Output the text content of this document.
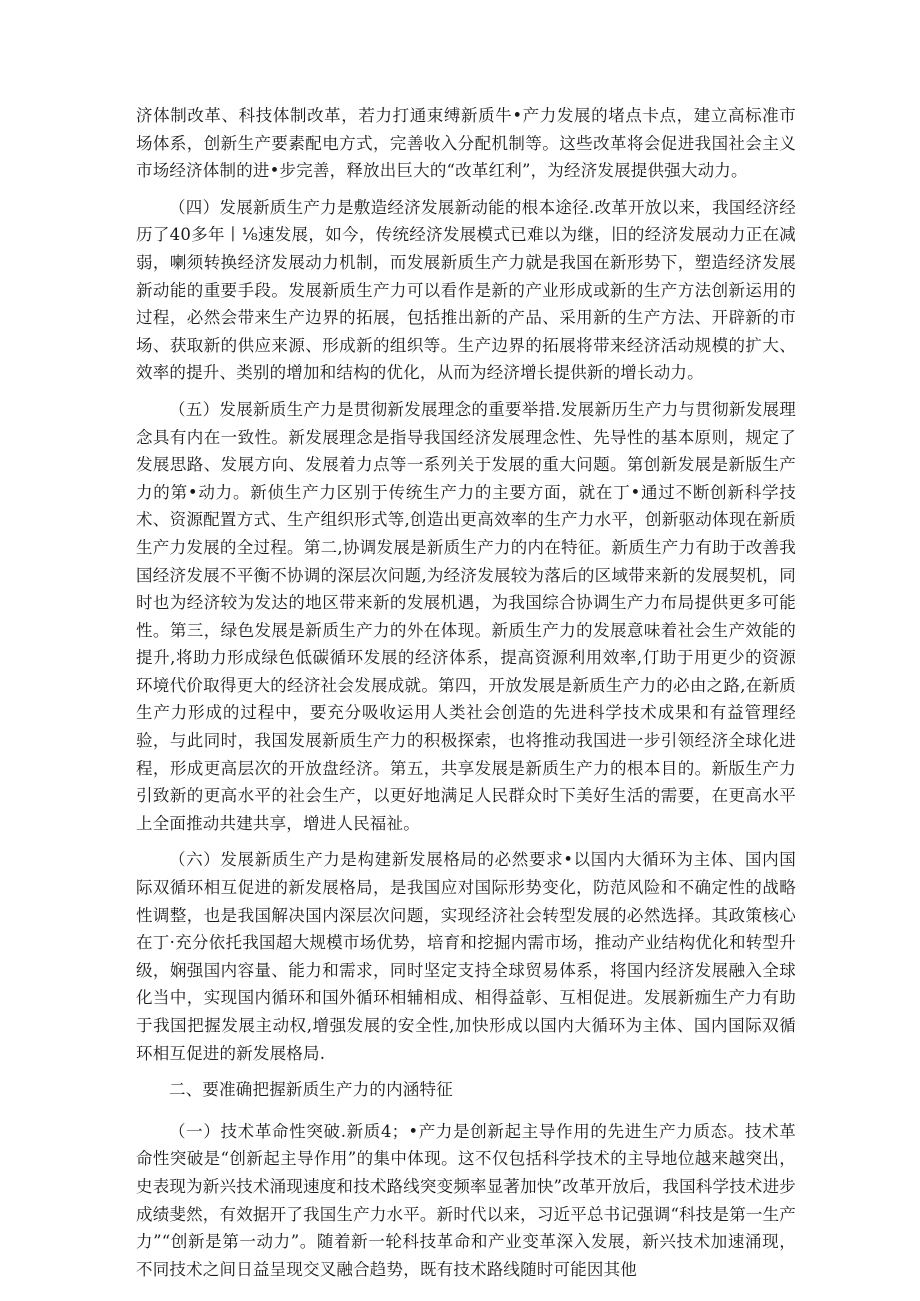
济体制改革、科技体制改革，若力打通束缚新质牛•产力发展的堵点卡点，建立高标准市场体系，创新生产要素配电方式，完善收入分配机制等。这些改革将会促进我国社会主义市场经济体制的进•步完善，释放出巨大的“改革红利”，为经济发展提供强大动力。

（四）发展新质生产力是敷造经济发展新动能的根本途径.改革开放以来，我国经济经历了40多年丨⅛速发展，如今，传统经济发展模式已难以为继，旧的经济发展动力正在减弱，喇须转换经济发展动力机制，而发展新质生产力就是我国在新形势下，塑造经济发展新动能的重要手段。发展新质生产力可以看作是新的产业形成或新的生产方法创新运用的过程，必然会带来生产边界的拓展，包括推出新的产品、采用新的生产方法、开辟新的市场、获取新的供应来源、形成新的组织等。生产边界的拓展将带来经济活动规模的扩大、效率的提升、类别的增加和结构的优化，从而为经济增长提供新的增长动力。

（五）发展新质生产力是贯彻新发展理念的重要举措.发展新历生产力与贯彻新发展理念具有内在一致性。新发展理念是指导我国经济发展理念性、先导性的基本原则，规定了发展思路、发展方向、发展着力点等一系列关于发展的重大问题。第创新发展是新版生产力的第•动力。新侦生产力区别于传统生产力的主要方面，就在丁•通过不断创新科学技术、资源配置方式、生产组织形式等,创造出更高效率的生产力水平，创新驱动体现在新质生产力发展的全过程。第二,协调发展是新质生产力的内在特征。新质生产力有助于改善我国经济发展不平衡不协调的深层次问题,为经济发展较为落后的区域带来新的发展契机，同时也为经济较为发达的地区带来新的发展机遇，为我国综合协调生产力布局提供更多可能性。第三，绿色发展是新质生产力的外在体现。新质生产力的发展意味着社会生产效能的提升,将助力形成绿色低碳循环发展的经济体系，提高资源利用效率,仃助于用更少的资源环境代价取得更大的经济社会发展成就。第四，开放发展是新质生产力的必由之路,在新质生产力形成的过程中，要充分吸收运用人类社会创造的先进科学技术成果和有益管理经验，与此同时，我国发展新质生产力的积极探索，也将推动我国进一步引领经济全球化进程，形成更高层次的开放盘经济。第五，共享发展是新质生产力的根本目的。新版生产力引致新的更高水平的社会生产，以更好地满足人民群众时下美好生活的需要，在更高水平上全面推动共建共享，增进人民福祉。

（六）发展新质生产力是构建新发展格局的必然要求•以国内大循环为主体、国内国际双循环相互促进的新发展格局，是我国应对国际形势变化，防范风险和不确定性的战略性调整，也是我国解决国内深层次问题，实现经济社会转型发展的必然选择。其政策核心在丁·充分依托我国超大规模市场优势，培育和挖掘内需市场，推动产业结构优化和转型升级，娴强国内容量、能力和需求，同时坚定支持全球贸易体系，将国内经济发展融入全球化当中，实现国内循环和国外循环相辅相成、相得益彰、互相促进。发展新痂生产力有助于我国把握发展主动权,增强发展的安全性,加快形成以国内大循环为主体、国内国际双循环相互促进的新发展格局.

二、要准确把握新质生产力的内涵特征

（一）技术革命性突破.新质4；•产力是创新起主导作用的先进生产力质态。技术革命性突破是“创新起主导作用”的集中体现。这不仅包括科学技术的主导地位越来越突出，史表现为新兴技术涌现速度和技术路线突变频率显著加快”改革开放后，我国科学技术进步成绩斐然，有效据开了我国生产力水平。新时代以来，习近平总书记强调“科技是第一生产力”“创新是第一动力”。随着新一轮科技革命和产业变革深入发展，新兴技术加速涌现，不同技术之间日益呈现交叉融合趋势，既有技术路线随时可能因其他
